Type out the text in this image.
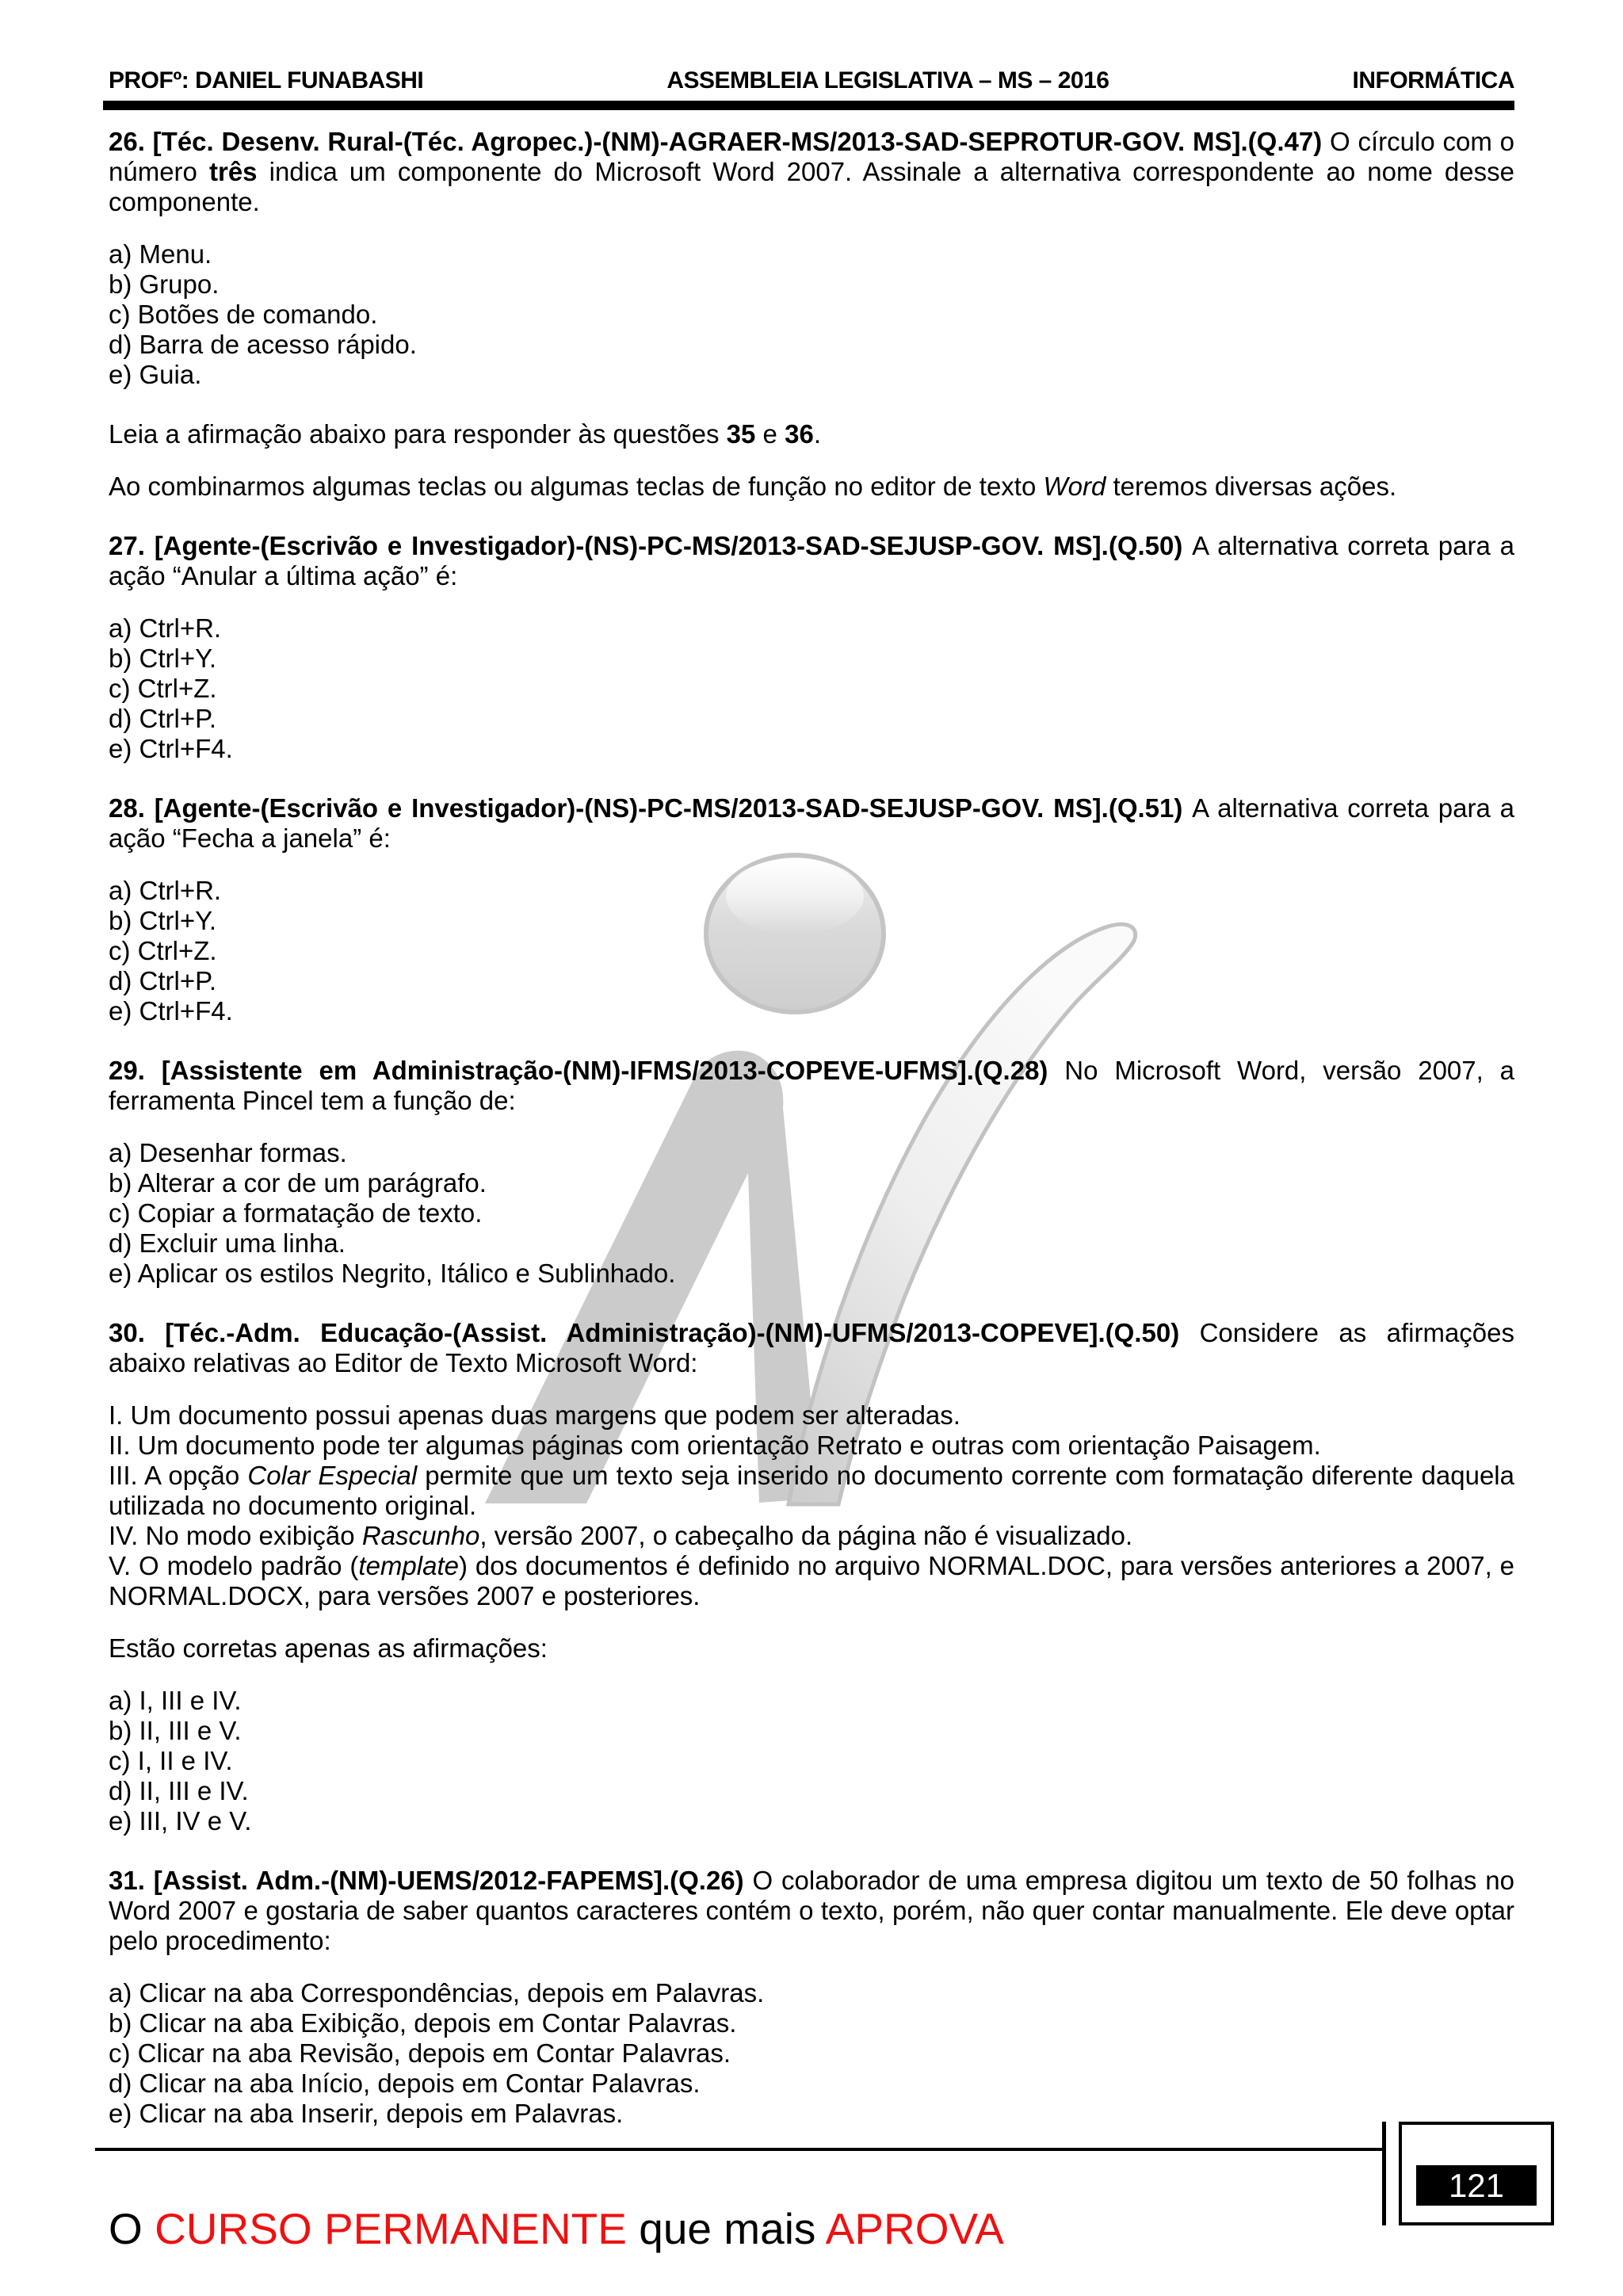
PROFº: DANIEL FUNABASHI	ASSEMBLEIA LEGISLATIVA – MS – 2016	INFORMÁTICA

26. [Téc. Desenv. Rural-(Téc. Agropec.)-(NM)-AGRAER-MS/2013-SAD-SEPROTUR-GOV. MS].(Q.47) O círculo com o número três indica um componente do Microsoft Word 2007. Assinale a alternativa correspondente ao nome desse componente.

a) Menu.
b) Grupo.
c) Botões de comando.
d) Barra de acesso rápido.
e) Guia.

Leia a afirmação abaixo para responder às questões 35 e 36.

Ao combinarmos algumas teclas ou algumas teclas de função no editor de texto Word teremos diversas ações.

27. [Agente-(Escrivão e Investigador)-(NS)-PC-MS/2013-SAD-SEJUSP-GOV. MS].(Q.50) A alternativa correta para a ação “Anular a última ação” é:

a) Ctrl+R.
b) Ctrl+Y.
c) Ctrl+Z.
d) Ctrl+P.
e) Ctrl+F4.

28. [Agente-(Escrivão e Investigador)-(NS)-PC-MS/2013-SAD-SEJUSP-GOV. MS].(Q.51) A alternativa correta para a ação “Fecha a janela” é:

a) Ctrl+R.
b) Ctrl+Y.
c) Ctrl+Z.
d) Ctrl+P.
e) Ctrl+F4.

29. [Assistente em Administração-(NM)-IFMS/2013-COPEVE-UFMS].(Q.28) No Microsoft Word, versão 2007, a ferramenta Pincel tem a função de:

a) Desenhar formas.
b) Alterar a cor de um parágrafo.
c) Copiar a formatação de texto.
d) Excluir uma linha.
e) Aplicar os estilos Negrito, Itálico e Sublinhado.

30. [Téc.-Adm. Educação-(Assist. Administração)-(NM)-UFMS/2013-COPEVE].(Q.50) Considere as afirmações abaixo relativas ao Editor de Texto Microsoft Word:

I. Um documento possui apenas duas margens que podem ser alteradas.
II. Um documento pode ter algumas páginas com orientação Retrato e outras com orientação Paisagem.
III. A opção Colar Especial permite que um texto seja inserido no documento corrente com formatação diferente daquela utilizada no documento original.
IV. No modo exibição Rascunho, versão 2007, o cabeçalho da página não é visualizado.
V. O modelo padrão (template) dos documentos é definido no arquivo NORMAL.DOC, para versões anteriores a 2007, e NORMAL.DOCX, para versões 2007 e posteriores.

Estão corretas apenas as afirmações:

a) I, III e IV.
b) II, III e V.
c) I, II e IV.
d) II, III e IV.
e) III, IV e V.

31. [Assist. Adm.-(NM)-UEMS/2012-FAPEMS].(Q.26) O colaborador de uma empresa digitou um texto de 50 folhas no Word 2007 e gostaria de saber quantos caracteres contém o texto, porém, não quer contar manualmente. Ele deve optar pelo procedimento:

a) Clicar na aba Correspondências, depois em Palavras.
b) Clicar na aba Exibição, depois em Contar Palavras.
c) Clicar na aba Revisão, depois em Contar Palavras.
d) Clicar na aba Início, depois em Contar Palavras.
e) Clicar na aba Inserir, depois em Palavras.

O CURSO PERMANENTE que mais APROVA

121
